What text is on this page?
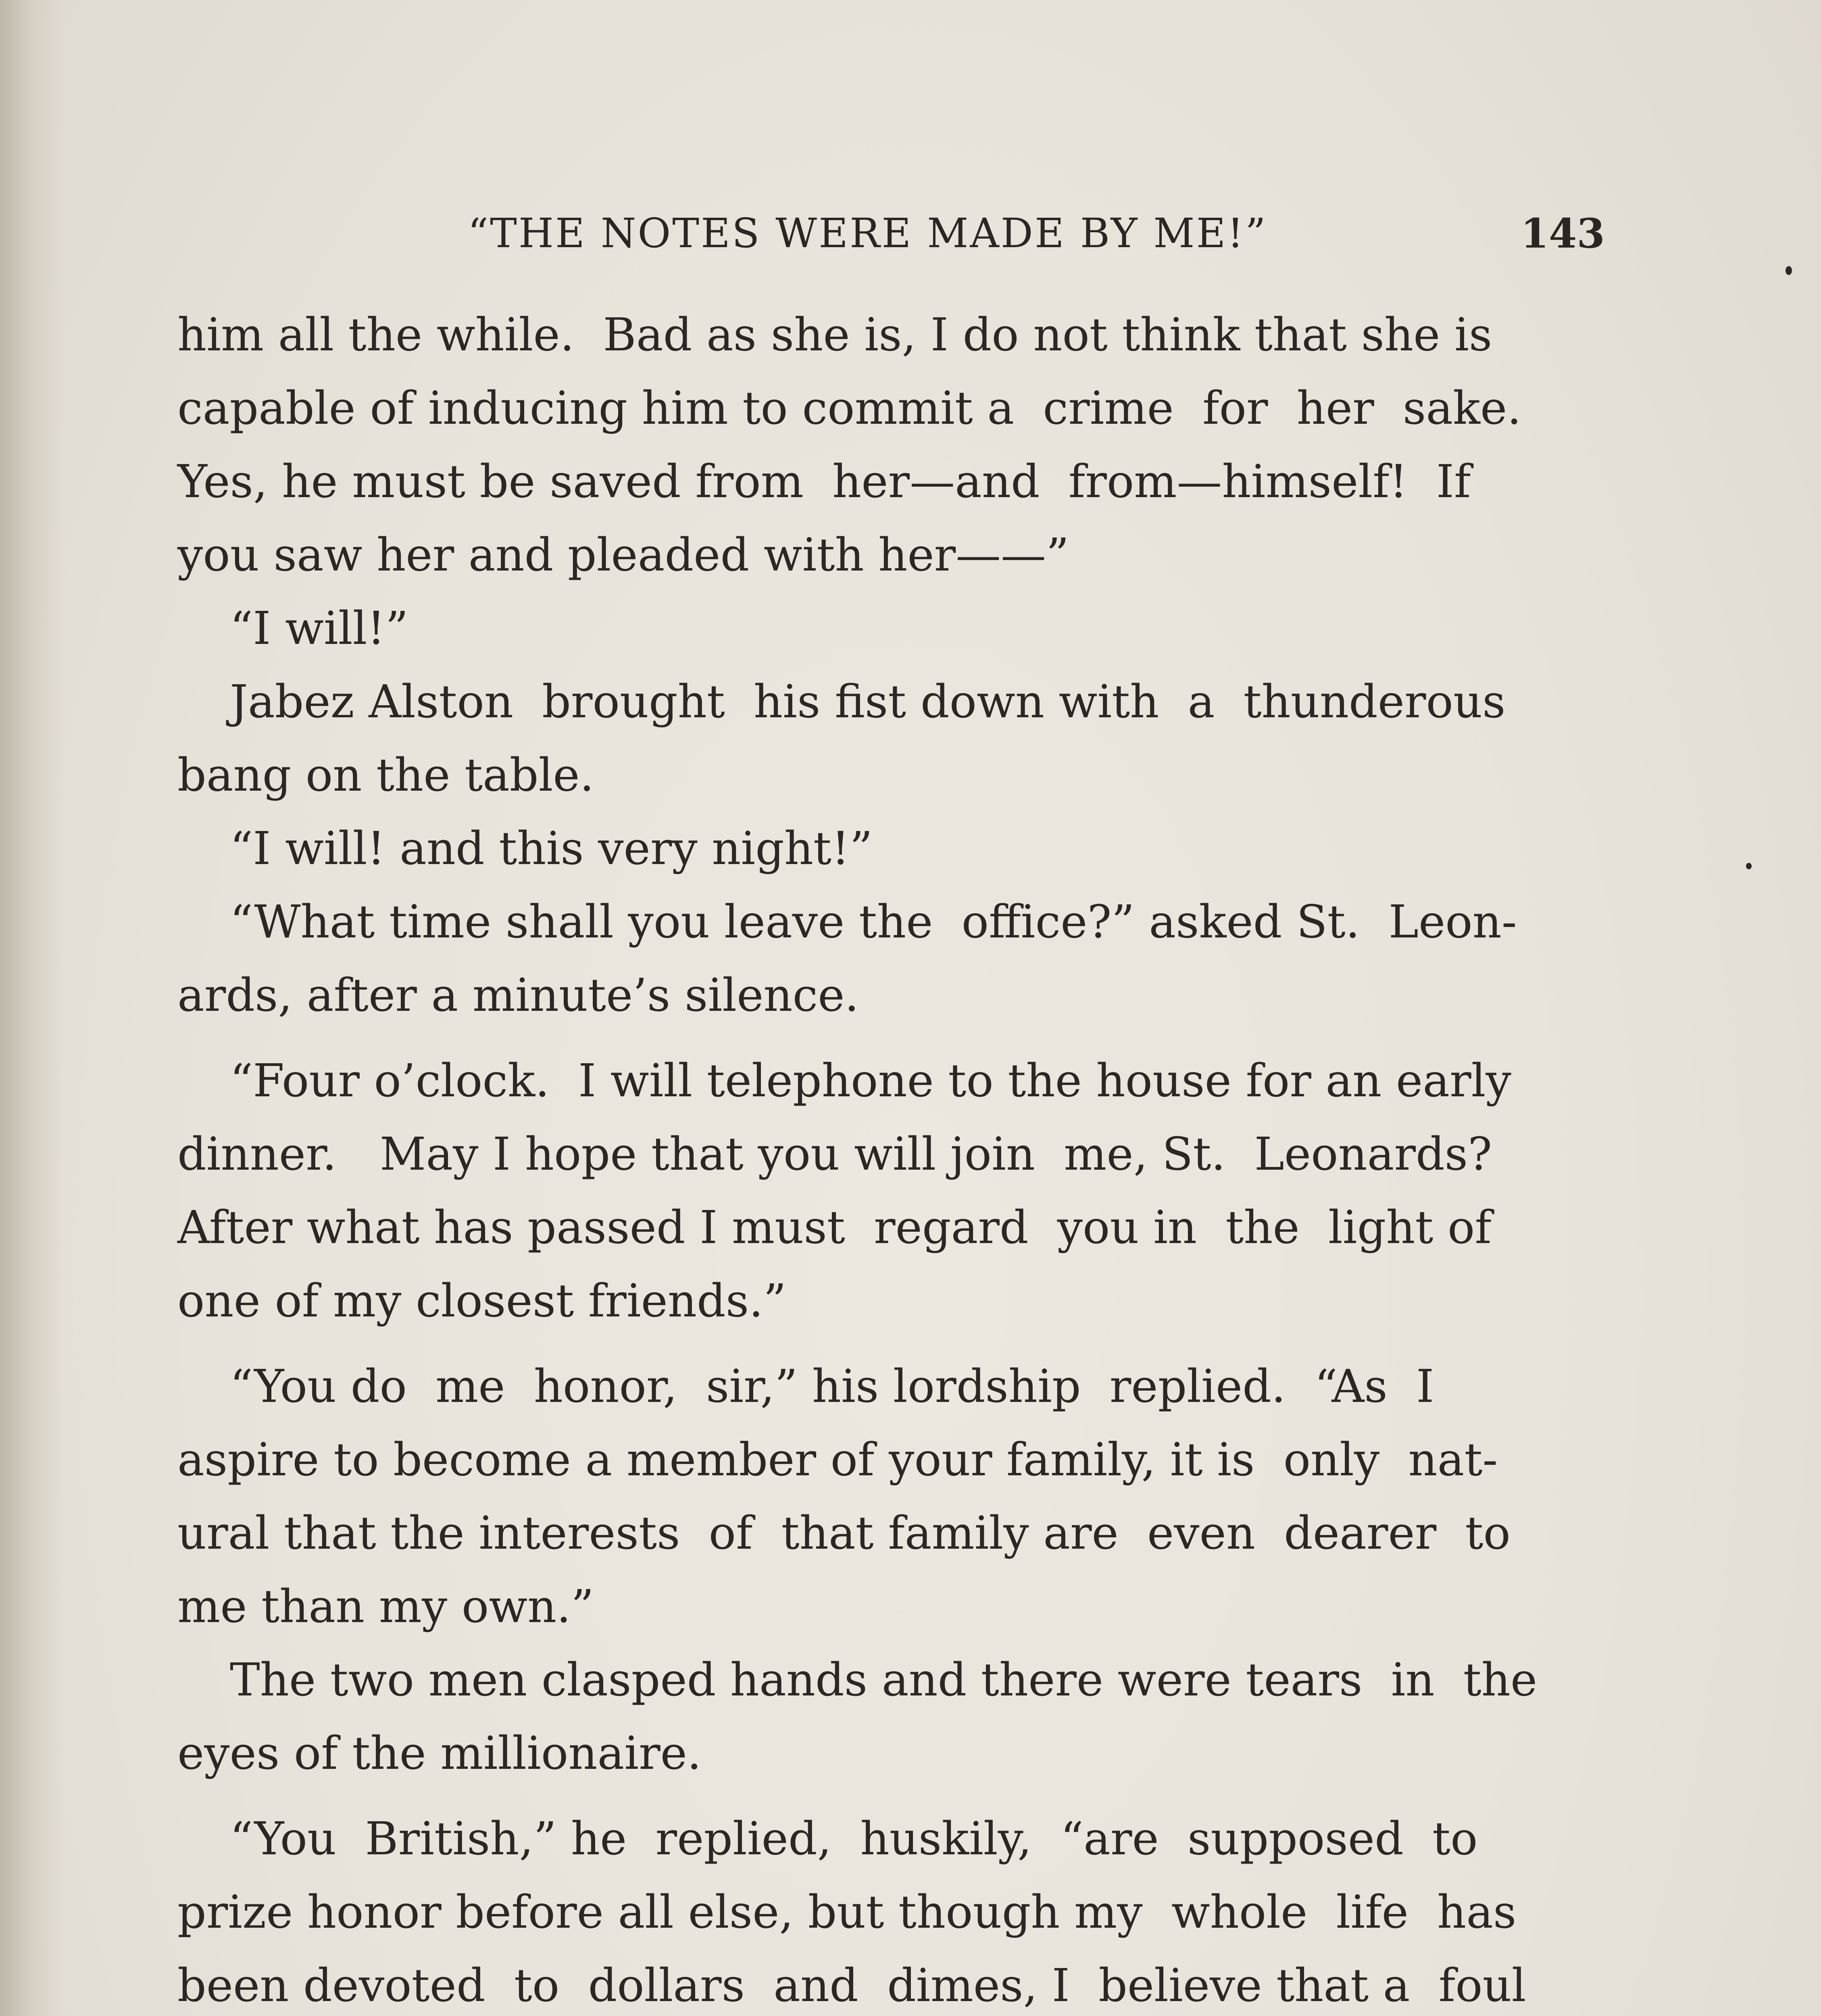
“THE NOTES WERE MADE BY ME!”	143
him all the while.  Bad as she is, I do not think that she is
capable of inducing him to commit a  crime  for  her  sake.
Yes, he must be saved from  her—and  from—himself!  If
you saw her and pleaded with her——”
“I will!”
Jabez Alston  brought  his fist down with  a  thunderous
bang on the table.
“I will! and this very night!”
“What time shall you leave the  office?” asked St.  Leon-
ards, after a minute’s silence.
“Four o’clock.  I will telephone to the house for an early
dinner.   May I hope that you will join  me, St.  Leonards?
After what has passed I must  regard  you in  the  light of
one of my closest friends.”
“You do  me  honor,  sir,” his lordship  replied.  “As  I
aspire to become a member of your family, it is  only  nat-
ural that the interests  of  that family are  even  dearer  to
me than my own.”
The two men clasped hands and there were tears  in  the
eyes of the millionaire.
“You  British,” he  replied,  huskily,  “are  supposed  to
prize honor before all else, but though my  whole  life  has
been devoted  to  dollars  and  dimes, I  believe that a  foul
